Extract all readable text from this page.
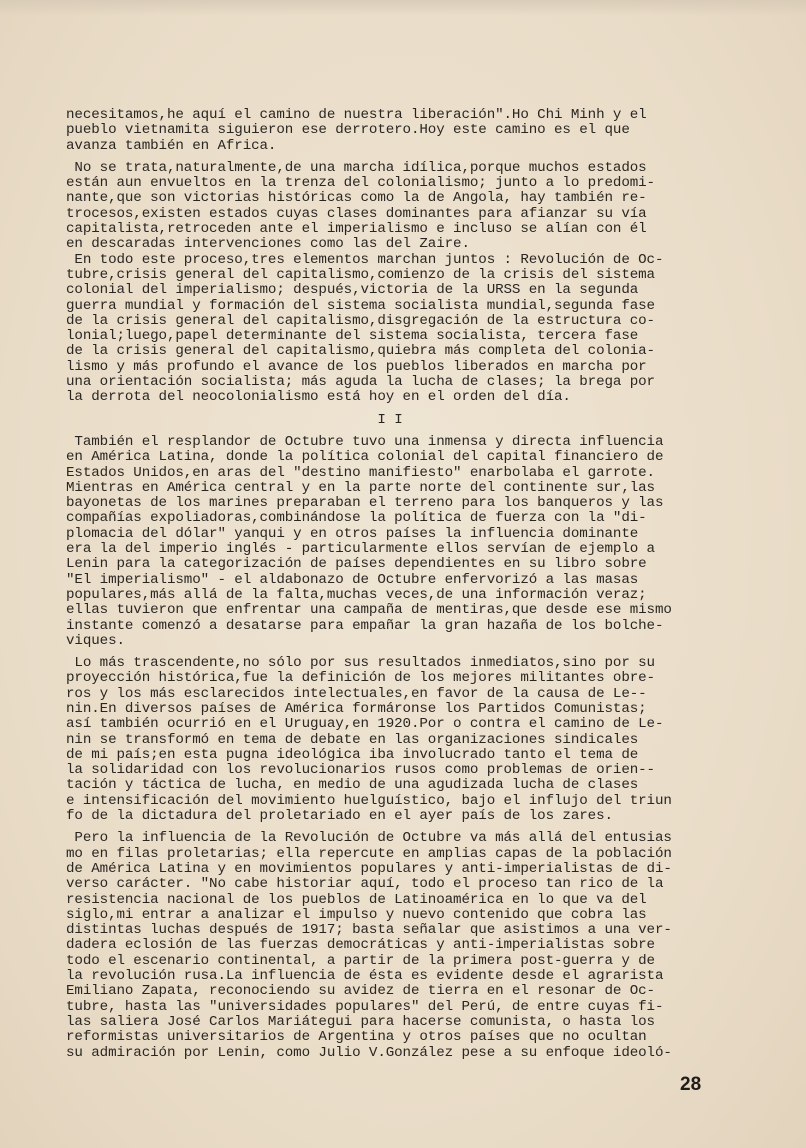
necesitamos,he aquí el camino de nuestra liberación".Ho Chi Minh y el
pueblo vietnamita siguieron ese derrotero.Hoy este camino es el que
avanza también en Africa.
No se trata,naturalmente,de una marcha idílica,porque muchos estados
están aun envueltos en la trenza del colonialismo; junto a lo predomi-
nante,que son victorias históricas como la de Angola, hay también re-
trocesos,existen estados cuyas clases dominantes para afianzar su vía
capitalista,retroceden ante el imperialismo e incluso se alían con él
en descaradas intervenciones como las del Zaire.
En todo este proceso,tres elementos marchan juntos : Revolución de Oc-
tubre,crisis general del capitalismo,comienzo de la crisis del sistema
colonial del imperialismo; después,victoria de la URSS en la segunda
guerra mundial y formación del sistema socialista mundial,segunda fase
de la crisis general del capitalismo,disgregación de la estructura co-
lonial;luego,papel determinante del sistema socialista, tercera fase
de la crisis general del capitalismo,quiebra más completa del colonia-
lismo y más profundo el avance de los pueblos liberados en marcha por
una orientación socialista; más aguda la lucha de clases; la brega por
la derrota del neocolonialismo está hoy en el orden del día.
I I
También el resplandor de Octubre tuvo una inmensa y directa influencia
en América Latina, donde la política colonial del capital financiero de
Estados Unidos,en aras del "destino manifiesto" enarbolaba el garrote.
Mientras en América central y en la parte norte del continente sur,las
bayonetas de los marines preparaban el terreno para los banqueros y las
compañías expoliadoras,combinándose la política de fuerza con la "di-
plomacia del dólar" yanqui y en otros países la influencia dominante
era la del imperio inglés - particularmente ellos servían de ejemplo a
Lenin para la categorización de países dependientes en su libro sobre
"El imperialismo" - el aldabonazo de Octubre enfervorizó a las masas
populares,más allá de la falta,muchas veces,de una información veraz;
ellas tuvieron que enfrentar una campaña de mentiras,que desde ese mismo
instante comenzó a desatarse para empañar la gran hazaña de los bolche-
viques.
Lo más trascendente,no sólo por sus resultados inmediatos,sino por su
proyección histórica,fue la definición de los mejores militantes obre-
ros y los más esclarecidos intelectuales,en favor de la causa de Le--
nin.En diversos países de América formáronse los Partidos Comunistas;
así también ocurrió en el Uruguay,en 1920.Por o contra el camino de Le-
nin se transformó en tema de debate en las organizaciones sindicales
de mi país;en esta pugna ideológica iba involucrado tanto el tema de
la solidaridad con los revolucionarios rusos como problemas de orien--
tación y táctica de lucha, en medio de una agudizada lucha de clases
e intensificación del movimiento huelguístico, bajo el influjo del triun
fo de la dictadura del proletariado en el ayer país de los zares.
Pero la influencia de la Revolución de Octubre va más allá del entusias
mo en filas proletarias; ella repercute en amplias capas de la población
de América Latina y en movimientos populares y anti-imperialistas de di-
verso carácter. "No cabe historiar aquí, todo el proceso tan rico de la
resistencia nacional de los pueblos de Latinoamérica en lo que va del
siglo,mi entrar a analizar el impulso y nuevo contenido que cobra las
distintas luchas después de 1917; basta señalar que asistimos a una ver-
dadera eclosión de las fuerzas democráticas y anti-imperialistas sobre
todo el escenario continental, a partir de la primera post-guerra y de
la revolución rusa.La influencia de ésta es evidente desde el agrarista
Emiliano Zapata, reconociendo su avidez de tierra en el resonar de Oc-
tubre, hasta las "universidades populares" del Perú, de entre cuyas fi-
las saliera José Carlos Mariátegui para hacerse comunista, o hasta los
reformistas universitarios de Argentina y otros países que no ocultan
su admiración por Lenin, como Julio V.González pese a su enfoque ideoló-
28
